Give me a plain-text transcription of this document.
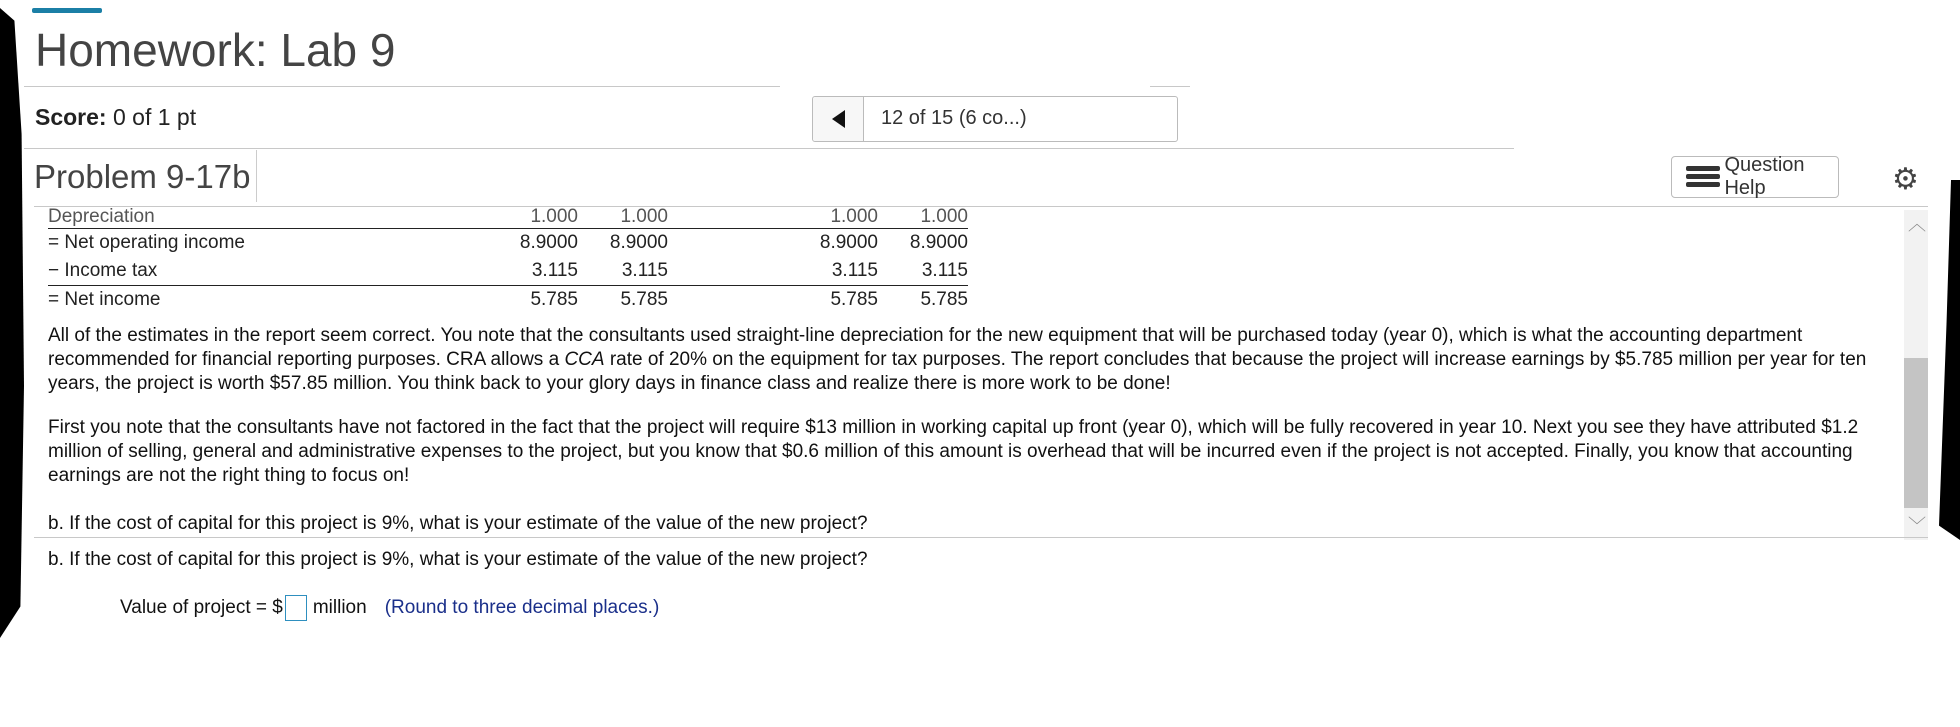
Homework: Lab 9
Score: 0 of 1 pt	12 of 15 (6 co...)
Problem 9-17b	Question Help	⚙
Depreciation	1.000	1.000		1.000	1.000
= Net operating income	8.9000	8.9000		8.9000	8.9000
− Income tax	3.115	3.115		3.115	3.115
= Net income	5.785	5.785		5.785	5.785
All of the estimates in the report seem correct. You note that the consultants used straight-line depreciation for the new equipment that will be purchased today (year 0), which is what the accounting department recommended for financial reporting purposes. CRA allows a CCA rate of 20% on the equipment for tax purposes. The report concludes that because the project will increase earnings by $5.785 million per year for ten years, the project is worth $57.85 million. You think back to your glory days in finance class and realize there is more work to be done!
First you note that the consultants have not factored in the fact that the project will require $13 million in working capital up front (year 0), which will be fully recovered in year 10. Next you see they have attributed $1.2 million of selling, general and administrative expenses to the project, but you know that $0.6 million of this amount is overhead that will be incurred even if the project is not accepted. Finally, you know that accounting earnings are not the right thing to focus on!
b. If the cost of capital for this project is 9%, what is your estimate of the value of the new project?
︿
﹀
b. If the cost of capital for this project is 9%, what is your estimate of the value of the new project?
Value of project = $ million (Round to three decimal places.)
